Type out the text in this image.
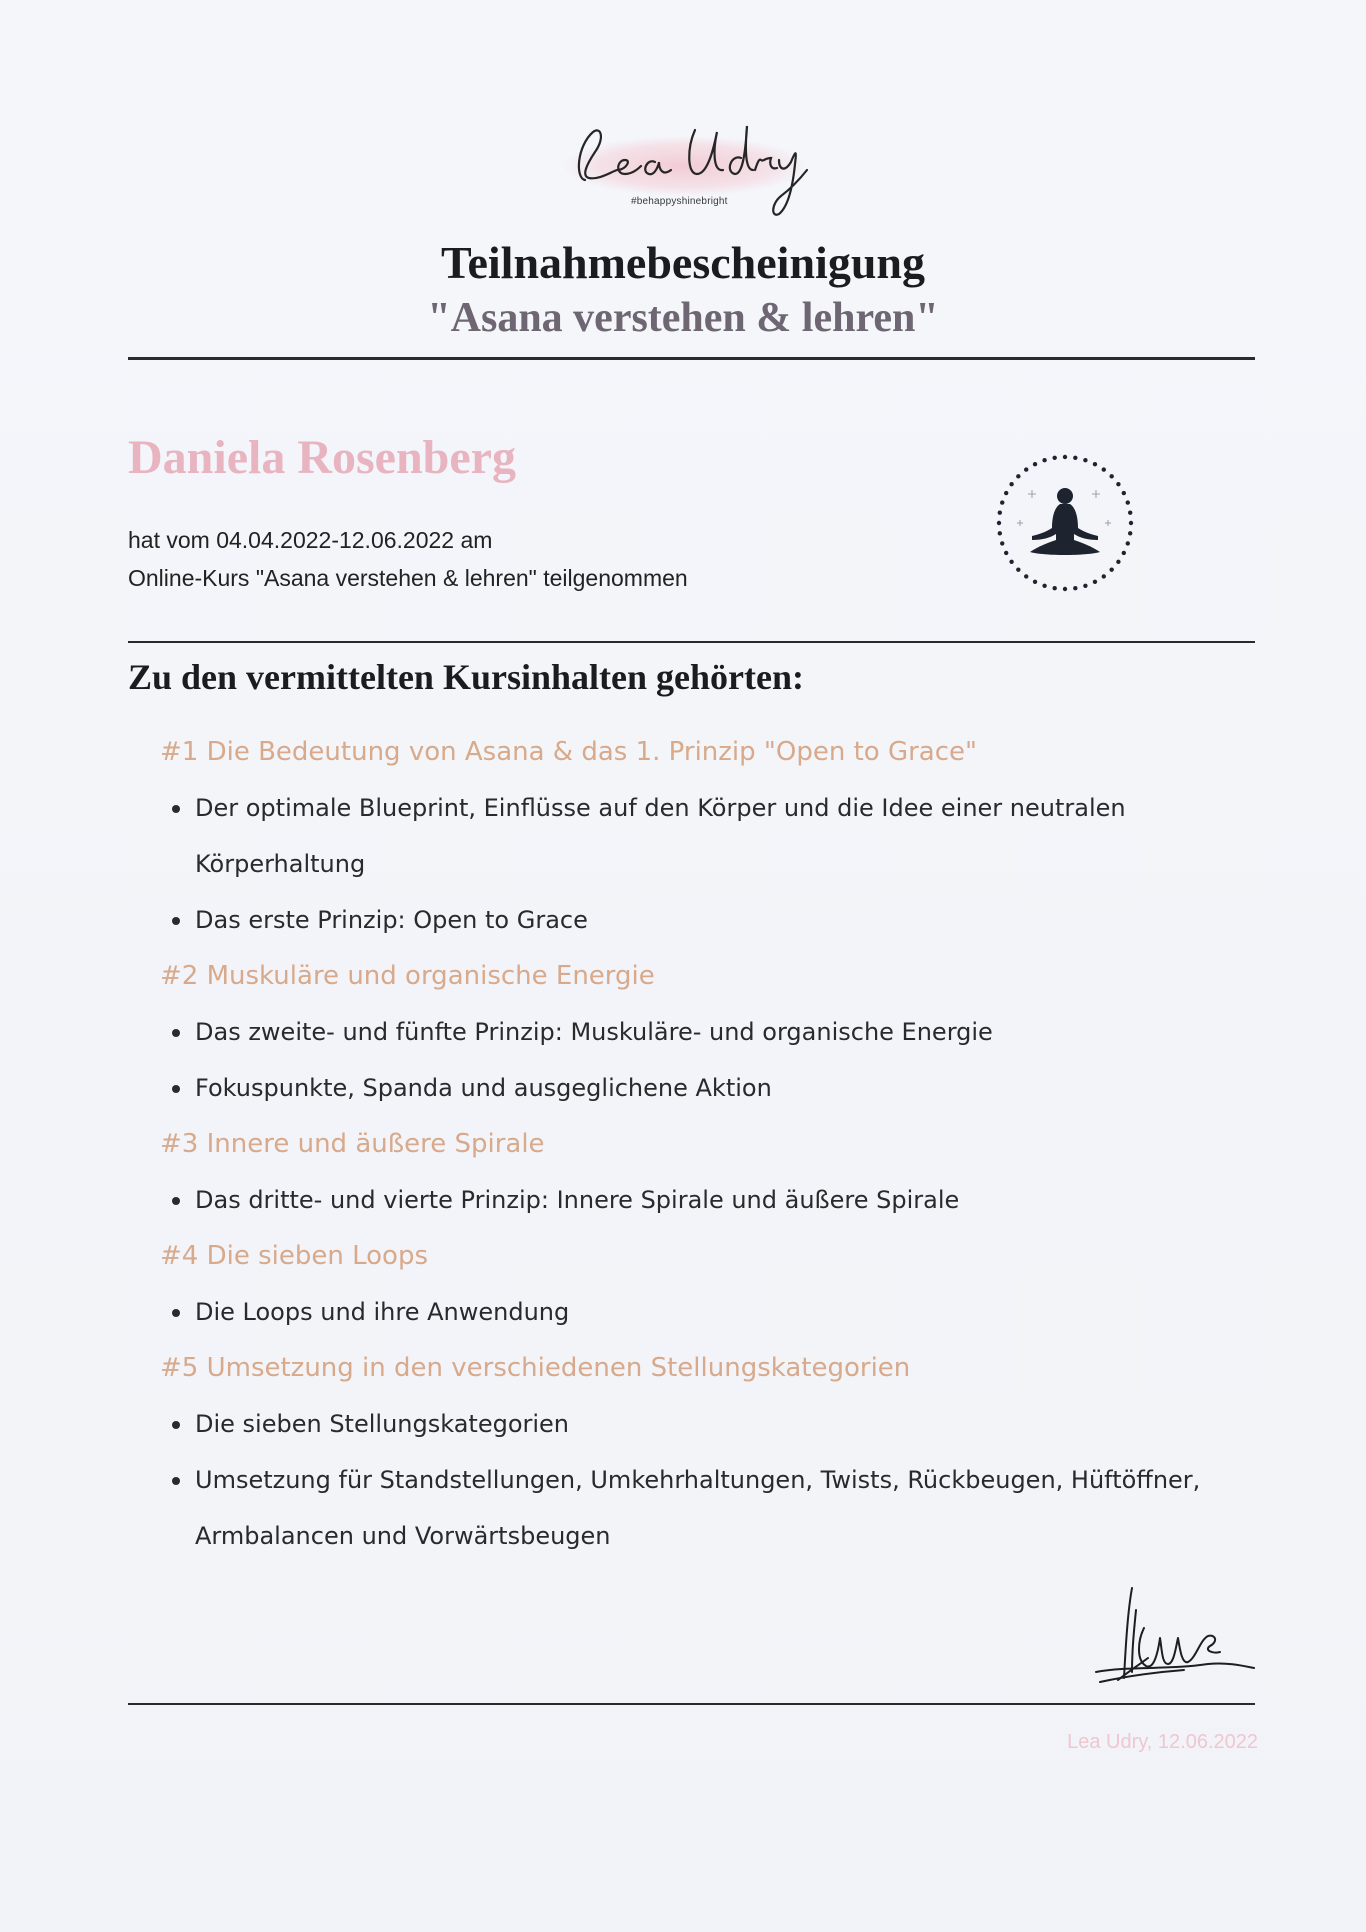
#behappyshinebright
Teilnahmebescheinigung
"Asana verstehen & lehren"
Daniela Rosenberg
hat vom 04.04.2022-12.06.2022 am
Online-Kurs "Asana verstehen & lehren" teilgenommen
Zu den vermittelten Kursinhalten gehörten:
#1 Die Bedeutung von Asana & das 1. Prinzip "Open to Grace"
Der optimale Blueprint, Einflüsse auf den Körper und die Idee einer neutralen Körperhaltung
Das erste Prinzip: Open to Grace
#2 Muskuläre und organische Energie
Das zweite- und fünfte Prinzip: Muskuläre- und organische Energie
Fokuspunkte, Spanda und ausgeglichene Aktion
#3 Innere und äußere Spirale
Das dritte- und vierte Prinzip: Innere Spirale und äußere Spirale
#4 Die sieben Loops
Die Loops und ihre Anwendung
#5 Umsetzung in den verschiedenen Stellungskategorien
Die sieben Stellungskategorien
Umsetzung für Standstellungen, Umkehrhaltungen, Twists, Rückbeugen, Hüftöffner, Armbalancen und Vorwärtsbeugen
Lea Udry, 12.06.2022
